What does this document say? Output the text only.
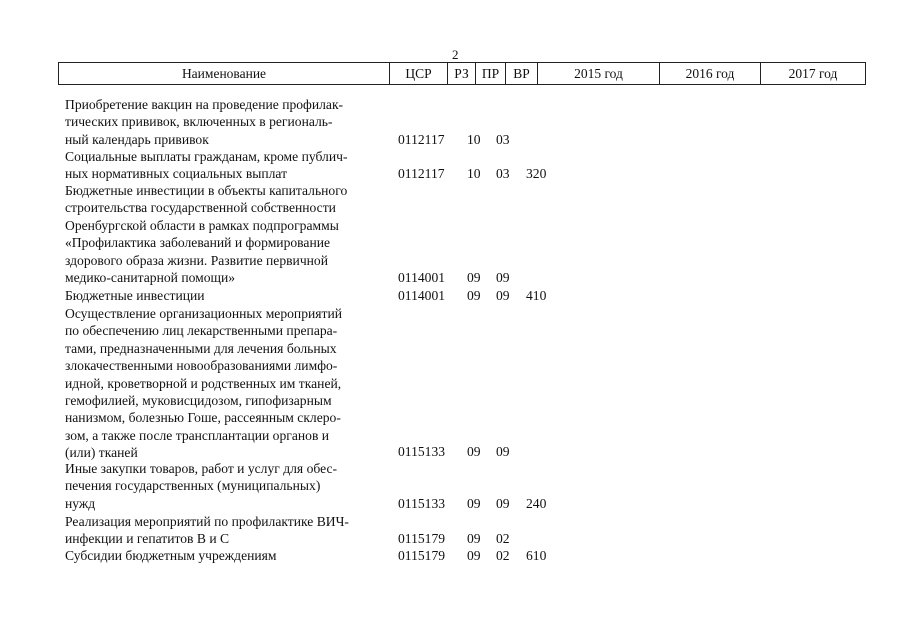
2
Наименование	ЦСР	РЗ ПР	ВР	2015 год	2016 год	2017 год
Приобретение вакцин на проведение профилак-
тических прививок, включенных в региональ-
ный календарь прививок	0112117 10 03
Социальные выплаты гражданам, кроме публич-
ных нормативных социальных выплат	0112117 10 03 320
Бюджетные инвестиции в объекты капитального
строительства государственной собственности
Оренбургской области в рамках подпрограммы
«Профилактика заболеваний и формирование
здорового образа жизни. Развитие первичной
медико-санитарной помощи»	0114001 09 09
Бюджетные инвестиции	0114001 09 09 410
Осуществление организационных мероприятий
по обеспечению лиц лекарственными препара-
тами, предназначенными для лечения больных
злокачественными новообразованиями лимфо-
идной, кроветворной и родственных им тканей,
гемофилией, муковисцидозом, гипофизарным
нанизмом, болезнью Гоше, рассеянным склеро-
зом, а также после трансплантации органов и
(или) тканей	0115133 09 09
Иные закупки товаров, работ и услуг для обес-
печения государственных (муниципальных)
нужд	0115133 09 09 240
Реализация мероприятий по профилактике ВИЧ-
инфекции и гепатитов В и С	0115179 09 02
Субсидии бюджетным учреждениям	0115179 09 02 610
